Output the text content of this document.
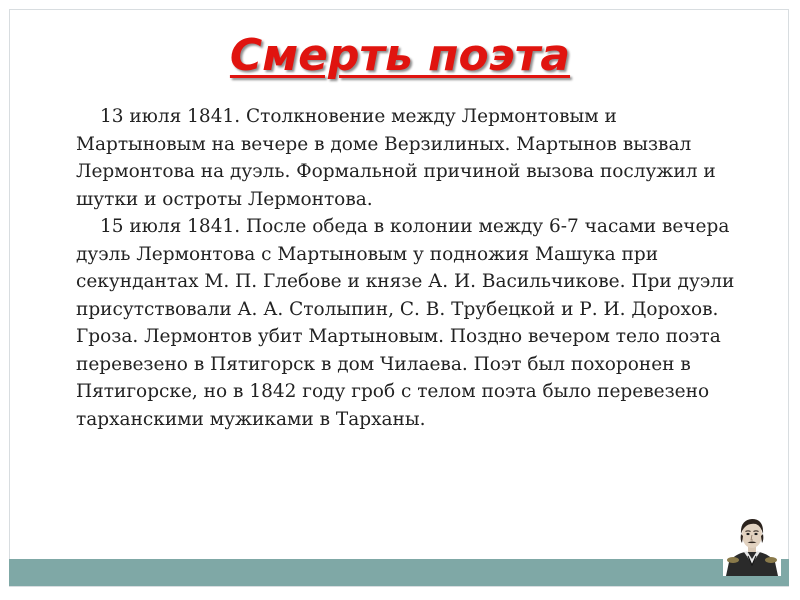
Смерть поэта

13 июля 1841. Столкновение между Лермонтовым и Мартыновым на вечере в доме Верзилиных. Мартынов вызвал Лермонтова на дуэль. Формальной причиной вызова послужил и шутки и остроты Лермонтова.

15 июля 1841. После обеда в колонии между 6-7 часами вечера дуэль Лермонтова с Мартыновым у подножия Машука при секундантах М. П. Глебове и князе А. И. Васильчикове. При дуэли присутствовали А. А. Столыпин, С. В. Трубецкой и Р. И. Дорохов. Гроза. Лермонтов убит Мартыновым. Поздно вечером тело поэта перевезено в Пятигорск в дом Чилаева. Поэт был похоронен в Пятигорске, но в 1842 году гроб с телом поэта было перевезено тарханскими мужиками в Тарханы.
